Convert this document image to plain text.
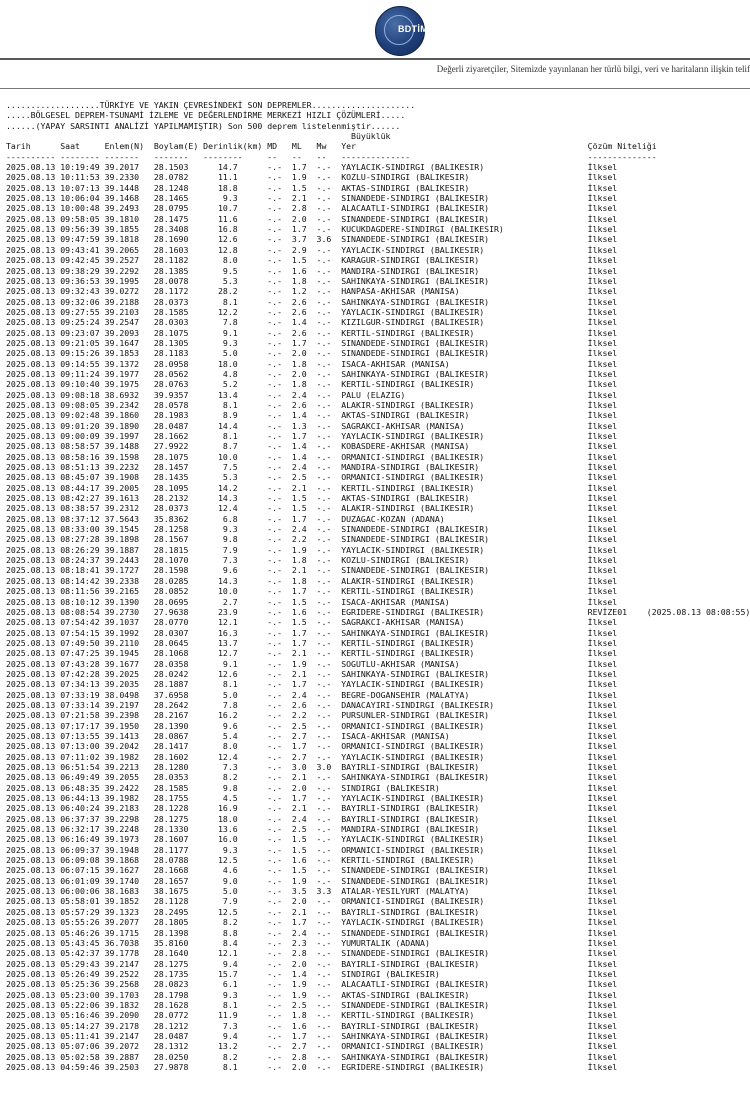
BDTİM
Değerli ziyaretçiler, Sitemizde yayınlanan her türlü bilgi, veri ve haritaların ilişkin telif
...................TÜRKİYE VE YAKIN ÇEVRESİNDEKİ SON DEPREMLER.....................
.....BÖLGESEL DEPREM-TSUNAMİ İZLEME VE DEĞERLENDİRME MERKEZİ HIZLI ÇÖZÜMLERİ.....
......(YAPAY SARSINTI ANALİZİ YAPILMAMIŞTIR) Son 500 deprem listelenmiştir......
Büyüklük
Tarih      Saat     Enlem(N)  Boylam(E) Derinlik(km) MD   ML   Mw   Yer                                               Çözüm Niteliği
---------- -------- -------   -------   --------     --   --   --   --------------                                    --------------
2025.08.13 10:19:49 39.2017   28.1503      14.7      -.-  1.7  -.-  YAYLACIK-SINDIRGI (BALIKESIR)                     İlksel
2025.08.13 10:11:53 39.2330   28.0782      11.1      -.-  1.9  -.-  KOZLU-SINDIRGI (BALIKESIR)                        İlksel
2025.08.13 10:07:13 39.1448   28.1248      18.8      -.-  1.5  -.-  AKTAS-SINDIRGI (BALIKESIR)                        İlksel
2025.08.13 10:06:04 39.1468   28.1465       9.3      -.-  2.1  -.-  SINANDEDE-SINDIRGI (BALIKESIR)                    İlksel
2025.08.13 10:00:48 39.2493   28.0795      10.7      -.-  2.8  -.-  ALACAATLI-SINDIRGI (BALIKESIR)                    İlksel
2025.08.13 09:58:05 39.1810   28.1475      11.6      -.-  2.0  -.-  SINANDEDE-SINDIRGI (BALIKESIR)                    İlksel
2025.08.13 09:56:39 39.1855   28.3408      16.8      -.-  1.7  -.-  KUCUKDAGDERE-SINDIRGI (BALIKESIR)                 İlksel
2025.08.13 09:47:59 39.1818   28.1690      12.6      -.-  3.7  3.6  SINANDEDE-SINDIRGI (BALIKESIR)                    İlksel
2025.08.13 09:43:41 39.2065   28.1603      12.8      -.-  2.9  -.-  YAYLACIK-SINDIRGI (BALIKESIR)                     İlksel
2025.08.13 09:42:45 39.2527   28.1182       8.0      -.-  1.5  -.-  KARAGUR-SINDIRGI (BALIKESIR)                      İlksel
2025.08.13 09:38:29 39.2292   28.1385       9.5      -.-  1.6  -.-  MANDIRA-SINDIRGI (BALIKESIR)                      İlksel
2025.08.13 09:36:53 39.1995   28.0078       5.3      -.-  1.8  -.-  SAHINKAYA-SINDIRGI (BALIKESIR)                    İlksel
2025.08.13 09:32:43 39.0272   28.1172      28.2      -.-  1.2  -.-  HANPASA-AKHISAR (MANISA)                          İlksel
2025.08.13 09:32:06 39.2188   28.0373       8.1      -.-  2.6  -.-  SAHINKAYA-SINDIRGI (BALIKESIR)                    İlksel
2025.08.13 09:27:55 39.2103   28.1585      12.2      -.-  2.6  -.-  YAYLACIK-SINDIRGI (BALIKESIR)                     İlksel
2025.08.13 09:25:24 39.2547   28.0303       7.8      -.-  1.4  -.-  KIZILGUR-SINDIRGI (BALIKESIR)                     İlksel
2025.08.13 09:23:07 39.2093   28.1075       9.1      -.-  2.6  -.-  KERTIL-SINDIRGI (BALIKESIR)                       İlksel
2025.08.13 09:21:05 39.1647   28.1305       9.3      -.-  1.7  -.-  SINANDEDE-SINDIRGI (BALIKESIR)                    İlksel
2025.08.13 09:15:26 39.1853   28.1183       5.0      -.-  2.0  -.-  SINANDEDE-SINDIRGI (BALIKESIR)                    İlksel
2025.08.13 09:14:55 39.1372   28.0958      18.0      -.-  1.8  -.-  ISACA-AKHISAR (MANISA)                            İlksel
2025.08.13 09:11:24 39.1977   28.0562       4.8      -.-  2.0  -.-  SAHINKAYA-SINDIRGI (BALIKESIR)                    İlksel
2025.08.13 09:10:40 39.1975   28.0763       5.2      -.-  1.8  -.-  KERTIL-SINDIRGI (BALIKESIR)                       İlksel
2025.08.13 09:08:18 38.6932   39.9357      13.4      -.-  2.4  -.-  PALU (ELAZIG)                                     İlksel
2025.08.13 09:08:05 39.2342   28.0578       8.1      -.-  2.6  -.-  ALAKIR-SINDIRGI (BALIKESIR)                       İlksel
2025.08.13 09:02:48 39.1860   28.1983       8.9      -.-  1.4  -.-  AKTAS-SINDIRGI (BALIKESIR)                        İlksel
2025.08.13 09:01:20 39.1890   28.0487      14.4      -.-  1.3  -.-  SAGRAKCI-AKHISAR (MANISA)                         İlksel
2025.08.13 09:00:09 39.1997   28.1662       8.1      -.-  1.7  -.-  YAYLACIK-SINDIRGI (BALIKESIR)                     İlksel
2025.08.13 08:58:57 39.1488   27.9922       8.7      -.-  1.4  -.-  KOBASDERE-AKHISAR (MANISA)                        İlksel
2025.08.13 08:58:16 39.1598   28.1075      10.0      -.-  1.4  -.-  ORMANICI-SINDIRGI (BALIKESIR)                     İlksel
2025.08.13 08:51:13 39.2232   28.1457       7.5      -.-  2.4  -.-  MANDIRA-SINDIRGI (BALIKESIR)                      İlksel
2025.08.13 08:45:07 39.1908   28.1435       5.3      -.-  2.5  -.-  ORMANICI-SINDIRGI (BALIKESIR)                     İlksel
2025.08.13 08:44:17 39.2005   28.1095      14.2      -.-  2.1  -.-  KERTIL-SINDIRGI (BALIKESIR)                       İlksel
2025.08.13 08:42:27 39.1613   28.2132      14.3      -.-  1.5  -.-  AKTAS-SINDIRGI (BALIKESIR)                        İlksel
2025.08.13 08:38:57 39.2312   28.0373      12.4      -.-  1.5  -.-  ALAKIR-SINDIRGI (BALIKESIR)                       İlksel
2025.08.13 08:37:12 37.5643   35.8362       6.8      -.-  1.7  -.-  DUZAGAC-KOZAN (ADANA)                             İlksel
2025.08.13 08:33:00 39.1545   28.1258       9.3      -.-  2.4  -.-  SINANDEDE-SINDIRGI (BALIKESIR)                    İlksel
2025.08.13 08:27:28 39.1898   28.1567       9.8      -.-  2.2  -.-  SINANDEDE-SINDIRGI (BALIKESIR)                    İlksel
2025.08.13 08:26:29 39.1887   28.1815       7.9      -.-  1.9  -.-  YAYLACIK-SINDIRGI (BALIKESIR)                     İlksel
2025.08.13 08:24:37 39.2443   28.1070       7.3      -.-  1.8  -.-  KOZLU-SINDIRGI (BALIKESIR)                        İlksel
2025.08.13 08:18:41 39.1727   28.1598       9.6      -.-  2.1  -.-  SINANDEDE-SINDIRGI (BALIKESIR)                    İlksel
2025.08.13 08:14:42 39.2338   28.0285      14.3      -.-  1.8  -.-  ALAKIR-SINDIRGI (BALIKESIR)                       İlksel
2025.08.13 08:11:56 39.2165   28.0852      10.0      -.-  1.7  -.-  KERTIL-SINDIRGI (BALIKESIR)                       İlksel
2025.08.13 08:10:12 39.1390   28.0695       2.7      -.-  1.5  -.-  ISACA-AKHISAR (MANISA)                            İlksel
2025.08.13 08:08:54 39.2730   27.9638      23.9      -.-  1.6  -.-  EGRIDERE-SINDIRGI (BALIKESIR)                     REVİZE01    (2025.08.13 08:08:55)
2025.08.13 07:54:42 39.1037   28.0770      12.1      -.-  1.5  -.-  SAGRAKCI-AKHISAR (MANISA)                         İlksel
2025.08.13 07:54:15 39.1992   28.0307      16.3      -.-  1.7  -.-  SAHINKAYA-SINDIRGI (BALIKESIR)                    İlksel
2025.08.13 07:49:50 39.2110   28.0645      13.7      -.-  1.7  -.-  KERTIL-SINDIRGI (BALIKESIR)                       İlksel
2025.08.13 07:47:25 39.1945   28.1068      12.7      -.-  2.1  -.-  KERTIL-SINDIRGI (BALIKESIR)                       İlksel
2025.08.13 07:43:28 39.1677   28.0358       9.1      -.-  1.9  -.-  SOGUTLU-AKHISAR (MANISA)                          İlksel
2025.08.13 07:42:28 39.2025   28.0242      12.6      -.-  2.1  -.-  SAHINKAYA-SINDIRGI (BALIKESIR)                    İlksel
2025.08.13 07:34:13 39.2035   28.1887       8.1      -.-  1.7  -.-  YAYLACIK-SINDIRGI (BALIKESIR)                     İlksel
2025.08.13 07:33:19 38.0498   37.6958       5.0      -.-  2.4  -.-  BEGRE-DOGANSEHIR (MALATYA)                        İlksel
2025.08.13 07:33:14 39.2197   28.2642       7.8      -.-  2.6  -.-  DANACAYIRI-SINDIRGI (BALIKESIR)                   İlksel
2025.08.13 07:21:58 39.2398   28.2167      16.2      -.-  2.2  -.-  PURSUNLER-SINDIRGI (BALIKESIR)                    İlksel
2025.08.13 07:17:17 39.1950   28.1390       9.6      -.-  2.5  -.-  ORMANICI-SINDIRGI (BALIKESIR)                     İlksel
2025.08.13 07:13:55 39.1413   28.0867       5.4      -.-  2.7  -.-  ISACA-AKHISAR (MANISA)                            İlksel
2025.08.13 07:13:00 39.2042   28.1417       8.0      -.-  1.7  -.-  ORMANICI-SINDIRGI (BALIKESIR)                     İlksel
2025.08.13 07:11:02 39.1982   28.1602      12.4      -.-  2.7  -.-  YAYLACIK-SINDIRGI (BALIKESIR)                     İlksel
2025.08.13 06:51:54 39.2213   28.1280       7.3      -.-  3.0  3.0  BAYIRLI-SINDIRGI (BALIKESIR)                      İlksel
2025.08.13 06:49:49 39.2055   28.0353       8.2      -.-  2.1  -.-  SAHINKAYA-SINDIRGI (BALIKESIR)                    İlksel
2025.08.13 06:48:35 39.2422   28.1585       9.8      -.-  2.0  -.-  SINDIRGI (BALIKESIR)                              İlksel
2025.08.13 06:44:13 39.1982   28.1755       4.5      -.-  1.7  -.-  YAYLACIK-SINDIRGI (BALIKESIR)                     İlksel
2025.08.13 06:40:24 39.2183   28.1228      16.9      -.-  2.1  -.-  BAYIRLI-SINDIRGI (BALIKESIR)                      İlksel
2025.08.13 06:37:37 39.2298   28.1275      18.0      -.-  2.4  -.-  BAYIRLI-SINDIRGI (BALIKESIR)                      İlksel
2025.08.13 06:32:17 39.2248   28.1330      13.6      -.-  2.5  -.-  MANDIRA-SINDIRGI (BALIKESIR)                      İlksel
2025.08.13 06:16:49 39.1973   28.1607      16.0      -.-  1.5  -.-  YAYLACIK-SINDIRGI (BALIKESIR)                     İlksel
2025.08.13 06:09:37 39.1948   28.1177       9.3      -.-  1.5  -.-  ORMANICI-SINDIRGI (BALIKESIR)                     İlksel
2025.08.13 06:09:08 39.1868   28.0788      12.5      -.-  1.6  -.-  KERTIL-SINDIRGI (BALIKESIR)                       İlksel
2025.08.13 06:07:15 39.1627   28.1668       4.6      -.-  1.5  -.-  SINANDEDE-SINDIRGI (BALIKESIR)                    İlksel
2025.08.13 06:01:09 39.1740   28.1657       9.0      -.-  1.9  -.-  SINANDEDE-SINDIRGI (BALIKESIR)                    İlksel
2025.08.13 06:00:06 38.1683   38.1675       5.0      -.-  3.5  3.3  ATALAR-YESILYURT (MALATYA)                        İlksel
2025.08.13 05:58:01 39.1852   28.1128       7.9      -.-  2.0  -.-  ORMANICI-SINDIRGI (BALIKESIR)                     İlksel
2025.08.13 05:57:29 39.1323   28.2495      12.5      -.-  2.1  -.-  BAYIRLI-SINDIRGI (BALIKESIR)                      İlksel
2025.08.13 05:55:26 39.2077   28.1805       8.2      -.-  1.7  -.-  YAYLACIK-SINDIRGI (BALIKESIR)                     İlksel
2025.08.13 05:46:26 39.1715   28.1398       8.8      -.-  2.4  -.-  SINANDEDE-SINDIRGI (BALIKESIR)                    İlksel
2025.08.13 05:43:45 36.7038   35.8160       8.4      -.-  2.3  -.-  YUMURTALIK (ADANA)                                İlksel
2025.08.13 05:42:37 39.1778   28.1640      12.1      -.-  2.8  -.-  SINANDEDE-SINDIRGI (BALIKESIR)                    İlksel
2025.08.13 05:29:43 39.2147   28.1275       9.4      -.-  2.0  -.-  BAYIRLI-SINDIRGI (BALIKESIR)                      İlksel
2025.08.13 05:26:49 39.2522   28.1735      15.7      -.-  1.4  -.-  SINDIRGI (BALIKESIR)                              İlksel
2025.08.13 05:25:36 39.2568   28.0823       6.1      -.-  1.9  -.-  ALACAATLI-SINDIRGI (BALIKESIR)                    İlksel
2025.08.13 05:23:00 39.1703   28.1798       9.3      -.-  1.9  -.-  AKTAS-SINDIRGI (BALIKESIR)                        İlksel
2025.08.13 05:22:06 39.1832   28.1628       8.1      -.-  2.5  -.-  SINANDEDE-SINDIRGI (BALIKESIR)                    İlksel
2025.08.13 05:16:46 39.2090   28.0772      11.9      -.-  1.8  -.-  KERTIL-SINDIRGI (BALIKESIR)                       İlksel
2025.08.13 05:14:27 39.2178   28.1212       7.3      -.-  1.6  -.-  BAYIRLI-SINDIRGI (BALIKESIR)                      İlksel
2025.08.13 05:11:41 39.2147   28.0487       9.4      -.-  1.7  -.-  SAHINKAYA-SINDIRGI (BALIKESIR)                    İlksel
2025.08.13 05:07:06 39.2072   28.1312      13.2      -.-  2.7  -.-  ORMANICI-SINDIRGI (BALIKESIR)                     İlksel
2025.08.13 05:02:58 39.2887   28.0250       8.2      -.-  2.8  -.-  SAHINKAYA-SINDIRGI (BALIKESIR)                    İlksel
2025.08.13 04:59:46 39.2503   27.9878       8.1      -.-  2.0  -.-  EGRIDERE-SINDIRGI (BALIKESIR)                     İlksel
